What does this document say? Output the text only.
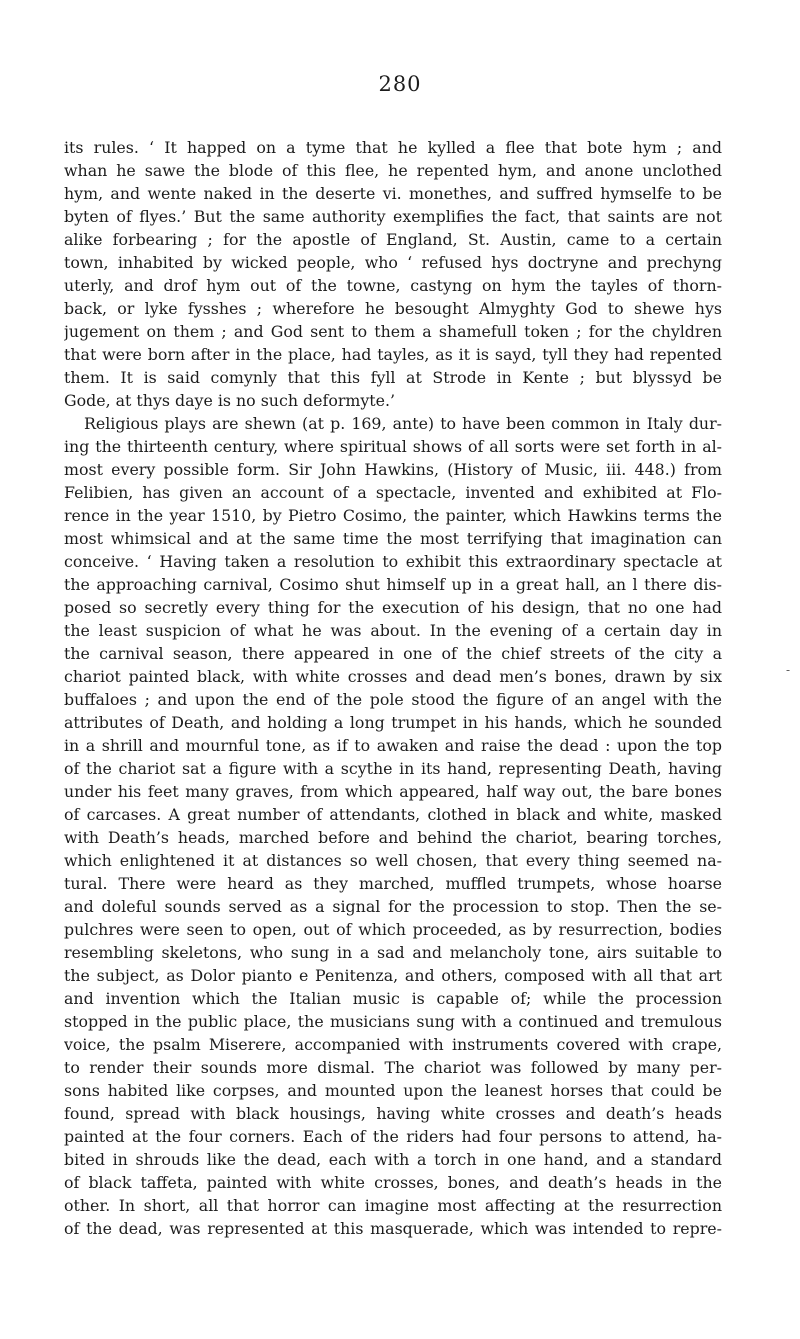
280
-
its rules. ‘ It happed on a tyme that he kylled a flee that bote hym ; and
whan he sawe the blode of this flee, he repented hym, and anone unclothed
hym, and wente naked in the deserte vi. monethes, and suffred hymselfe to be
byten of flyes.’ But the same authority exemplifies the fact, that saints are not
alike forbearing ; for the apostle of England, St. Austin, came to a certain
town, inhabited by wicked people, who ‘ refused hys doctryne and prechyng
uterly, and drof hym out of the towne, castyng on hym the tayles of thorn-
back, or lyke fysshes ; wherefore he besought Almyghty God to shewe hys
jugement on them ; and God sent to them a shamefull token ; for the chyldren
that were born after in the place, had tayles, as it is sayd, tyll they had repented
them. It is said comynly that this fyll at Strode in Kente ; but blyssyd be
Gode, at thys daye is no such deformyte.’
Religious plays are shewn (at p. 169, ante) to have been common in Italy dur-
ing the thirteenth century, where spiritual shows of all sorts were set forth in al-
most every possible form. Sir John Hawkins, (History of Music, iii. 448.) from
Felibien, has given an account of a spectacle, invented and exhibited at Flo-
rence in the year 1510, by Pietro Cosimo, the painter, which Hawkins terms the
most whimsical and at the same time the most terrifying that imagination can
conceive. ‘ Having taken a resolution to exhibit this extraordinary spectacle at
the approaching carnival, Cosimo shut himself up in a great hall, an l there dis-
posed so secretly every thing for the execution of his design, that no one had
the least suspicion of what he was about. In the evening of a certain day in
the carnival season, there appeared in one of the chief streets of the city a
chariot painted black, with white crosses and dead men’s bones, drawn by six
buffaloes ; and upon the end of the pole stood the figure of an angel with the
attributes of Death, and holding a long trumpet in his hands, which he sounded
in a shrill and mournful tone, as if to awaken and raise the dead : upon the top
of the chariot sat a figure with a scythe in its hand, representing Death, having
under his feet many graves, from which appeared, half way out, the bare bones
of carcases. A great number of attendants, clothed in black and white, masked
with Death’s heads, marched before and behind the chariot, bearing torches,
which enlightened it at distances so well chosen, that every thing seemed na-
tural. There were heard as they marched, muffled trumpets, whose hoarse
and doleful sounds served as a signal for the procession to stop. Then the se-
pulchres were seen to open, out of which proceeded, as by resurrection, bodies
resembling skeletons, who sung in a sad and melancholy tone, airs suitable to
the subject, as Dolor pianto e Penitenza, and others, composed with all that art
and invention which the Italian music is capable of; while the procession
stopped in the public place, the musicians sung with a continued and tremulous
voice, the psalm Miserere, accompanied with instruments covered with crape,
to render their sounds more dismal. The chariot was followed by many per-
sons habited like corpses, and mounted upon the leanest horses that could be
found, spread with black housings, having white crosses and death’s heads
painted at the four corners. Each of the riders had four persons to attend, ha-
bited in shrouds like the dead, each with a torch in one hand, and a standard
of black taffeta, painted with white crosses, bones, and death’s heads in the
other. In short, all that horror can imagine most affecting at the resurrection
of the dead, was represented at this masquerade, which was intended to repre-
